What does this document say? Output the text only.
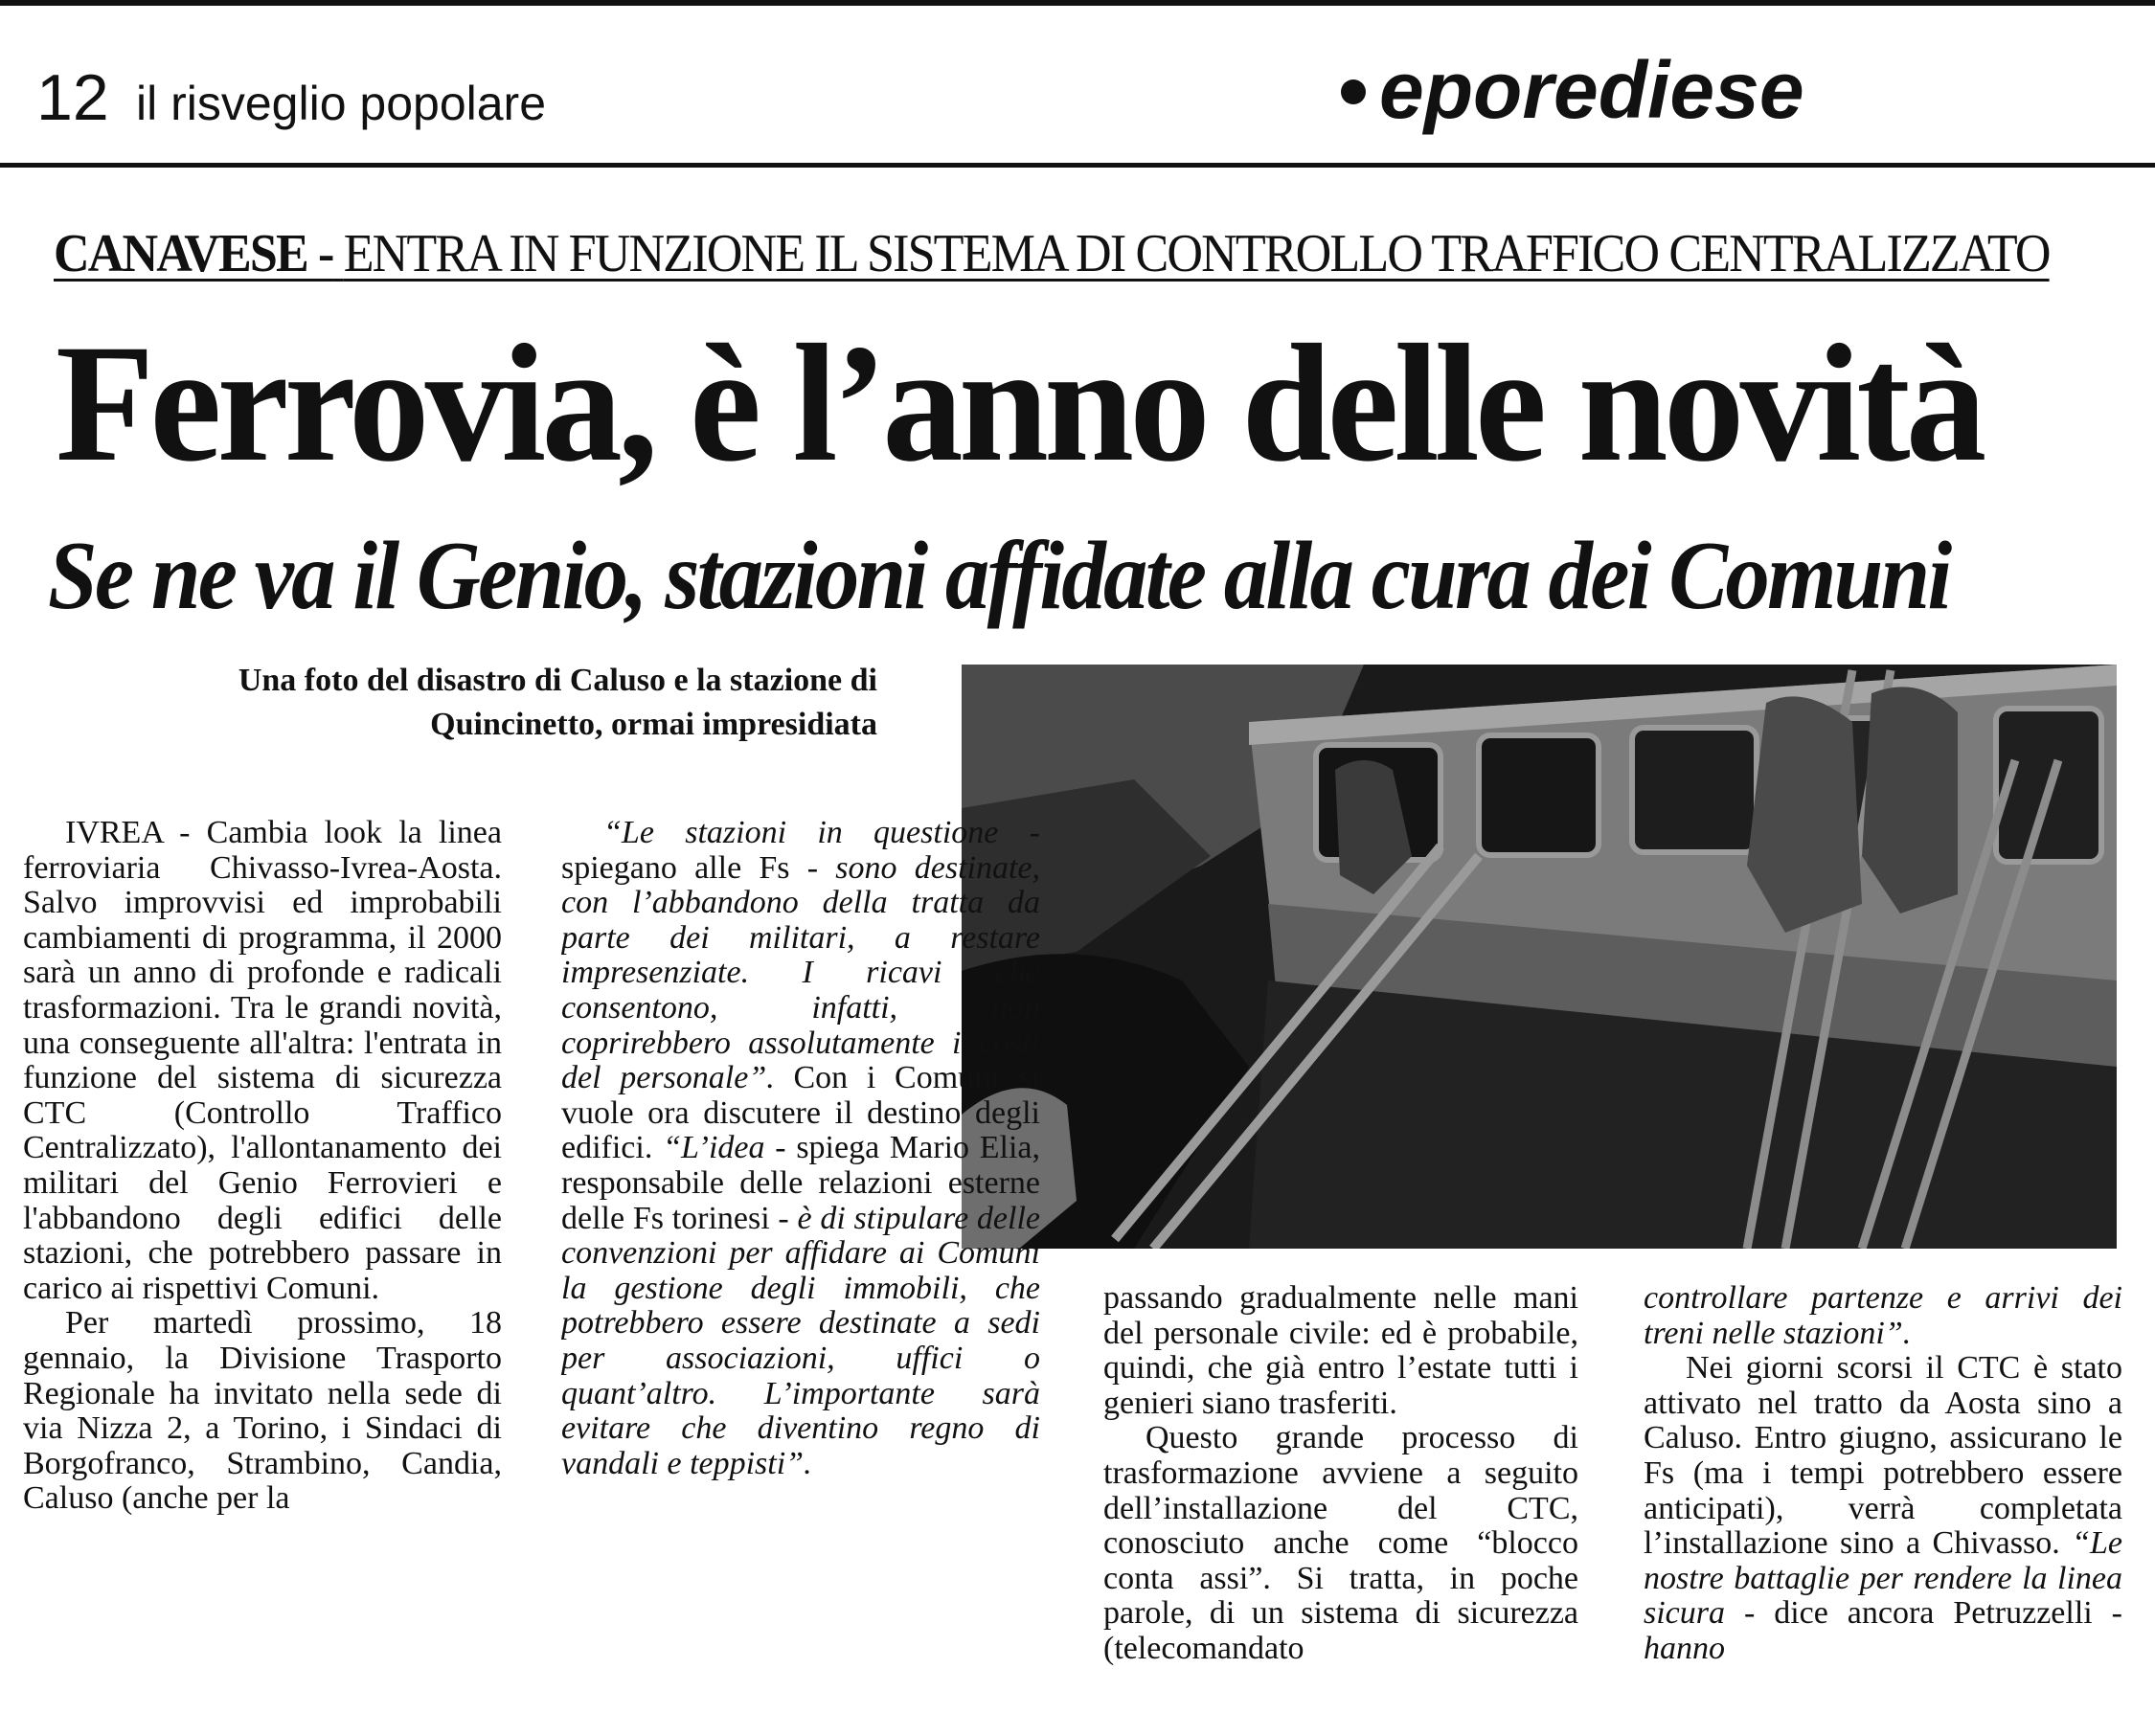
12 il risveglio popolare	eporediese
CANAVESE - ENTRA IN FUNZIONE IL SISTEMA DI CONTROLLO TRAFFICO CENTRALIZZATO
Ferrovia, è l’anno delle novità
Se ne va il Genio, stazioni affidate alla cura dei Comuni
Una foto del disastro di Caluso e la stazione di Quincinetto, ormai impresidiata

IVREA - Cambia look la linea ferroviaria Chivasso-Ivrea-Aosta. Salvo improvvisi ed improbabili cambiamenti di programma, il 2000 sarà un anno di profonde e radicali trasformazioni. Tra le grandi novità, una conseguente all'altra: l'entrata in funzione del sistema di sicurezza CTC (Controllo Traffico Centralizzato), l'allontanamento dei militari del Genio Ferrovieri e l'abbandono degli edifici delle stazioni, che potrebbero passare in carico ai rispettivi Comuni.

Per martedì prossimo, 18 gennaio, la Divisione Trasporto Regionale ha invitato nella sede di via Nizza 2, a Torino, i Sindaci di Borgofranco, Strambino, Candia, Caluso (anche per la

“Le stazioni in questione - spiegano alle Fs - sono destinate, con l’abbandono della tratta da parte dei militari, a restare impresenziate. I ricavi che consentono, infatti, non coprirebbero assolutamente i costi del personale”. Con i Comuni si vuole ora discutere il destino degli edifici. “L’idea - spiega Mario Elia, responsabile delle relazioni esterne delle Fs torinesi - è di stipulare delle convenzioni per affidare ai Comuni la gestione degli immobili, che potrebbero essere destinate a sedi per associazioni, uffici o quant’altro. L’importante sarà evitare che diventino regno di vandali e teppisti”.

passando gradualmente nelle mani del personale civile: ed è probabile, quindi, che già entro l’estate tutti i genieri siano trasferiti.

Questo grande processo di trasformazione avviene a seguito dell’installazione del CTC, conosciuto anche come “blocco conta assi”. Si tratta, in poche parole, di un sistema di sicurezza (telecomandato

controllare partenze e arrivi dei treni nelle stazioni”.

Nei giorni scorsi il CTC è stato attivato nel tratto da Aosta sino a Caluso. Entro giugno, assicurano le Fs (ma i tempi potrebbero essere anticipati), verrà completata l’installazione sino a Chivasso. “Le nostre battaglie per rendere la linea sicura - dice ancora Petruzzelli - hanno
